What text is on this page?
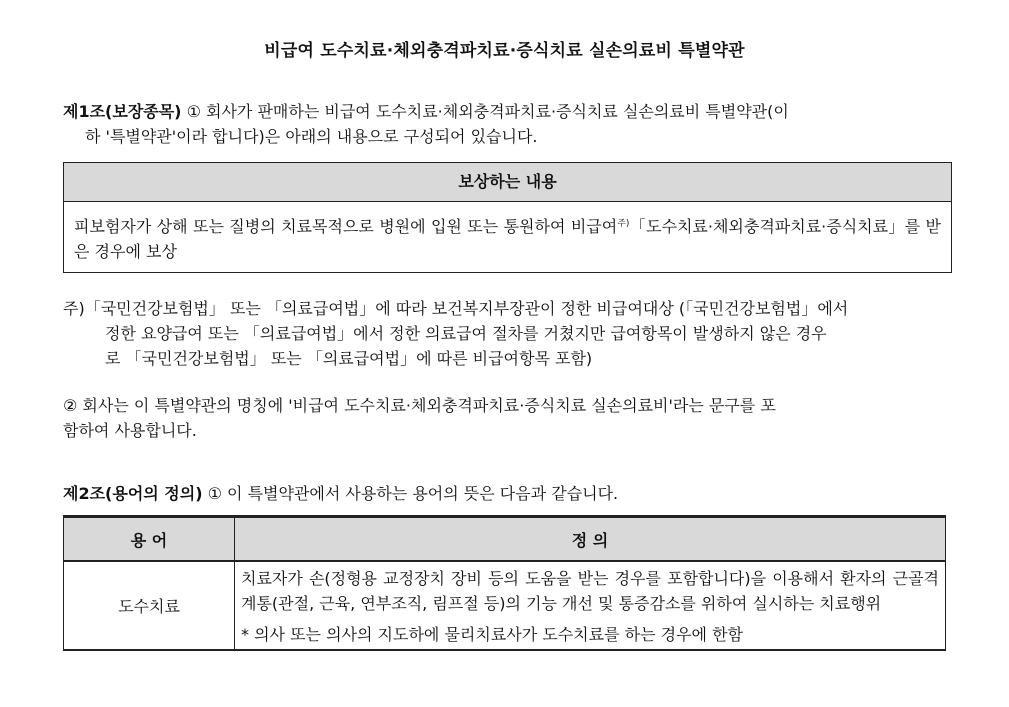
비급여 도수치료·체외충격파치료·증식치료 실손의료비 특별약관
제1조(보장종목) ① 회사가 판매하는 비급여 도수치료·체외충격파치료·증식치료 실손의료비 특별약관(이
하 '특별약관'이라 합니다)은 아래의 내용으로 구성되어 있습니다.
보상하는 내용
피보험자가 상해 또는 질병의 치료목적으로 병원에 입원 또는 통원하여 비급여$^{주)}$「도수치료·체외충격파치료·증식치료」를 받은 경우에 보상
주)「국민건강보험법」 또는 「의료급여법」에 따라 보건복지부장관이 정한 비급여대상 (「국민건강보험법」에서
정한 요양급여 또는 「의료급여법」에서 정한 의료급여 절차를 거쳤지만 급여항목이 발생하지 않은 경우
로 「국민건강보험법」 또는 「의료급여법」에 따른 비급여항목 포함)
② 회사는 이 특별약관의 명칭에 '비급여 도수치료·체외충격파치료·증식치료 실손의료비'라는 문구를 포
함하여 사용합니다.
제2조(용어의 정의) ① 이 특별약관에서 사용하는 용어의 뜻은 다음과 같습니다.
용 어	정 의
도수치료	치료자가 손(정형용 교정장치 장비 등의 도움을 받는 경우를 포함합니다)을 이용해서 환자의 근골격계통(관절, 근육, 연부조직, 림프절 등)의 기능 개선 및 통증감소를 위하여 실시하는 치료행위
* 의사 또는 의사의 지도하에 물리치료사가 도수치료를 하는 경우에 한함
